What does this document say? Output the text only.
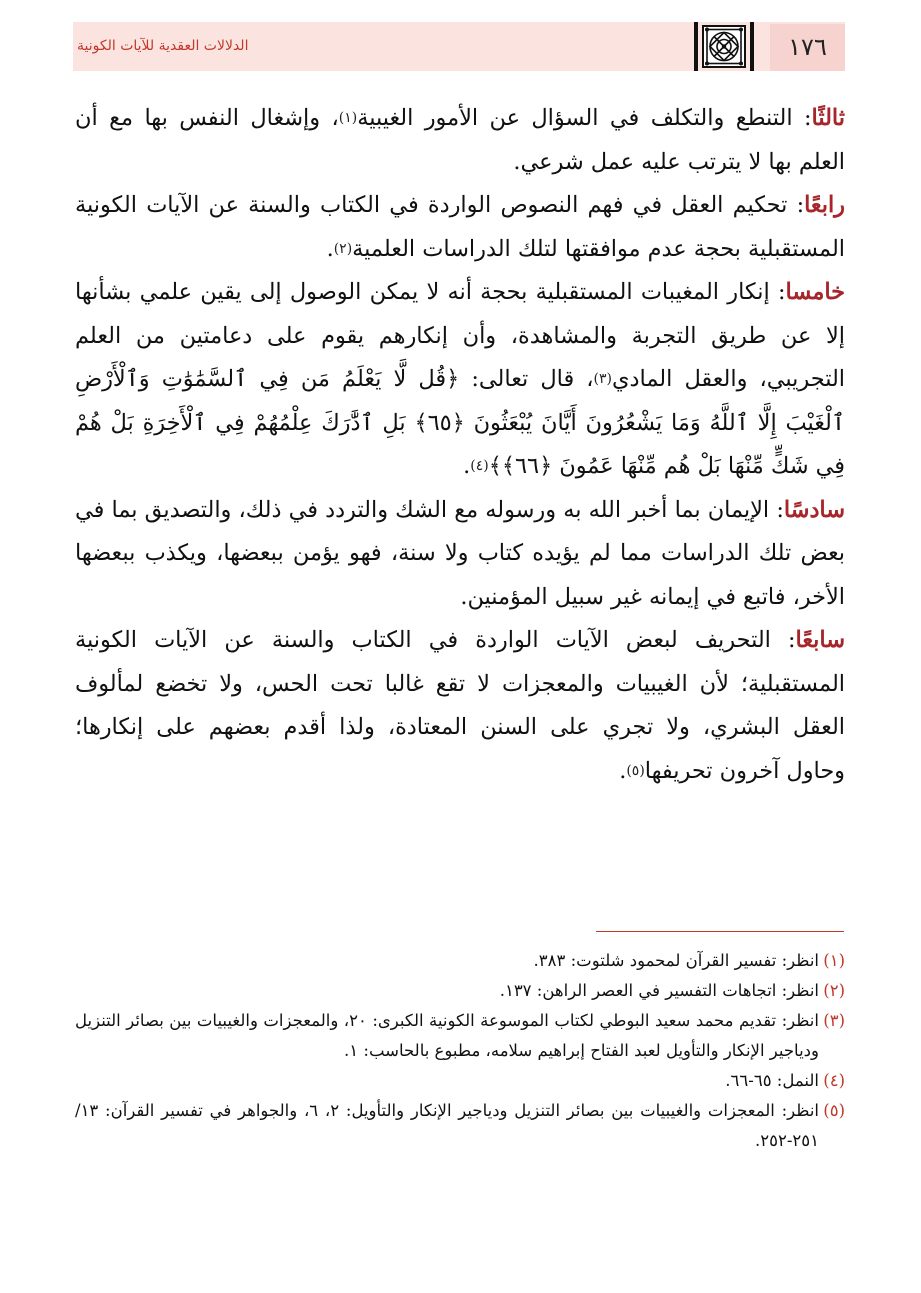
١٧٦
الدلالات العقدية للآيات الكونية

ثالثًا: التنطع والتكلف في السؤال عن الأمور الغيبية$^{(١)}$، وإشغال النفس بها مع أن العلم بها لا يترتب عليه عمل شرعي.

رابعًا: تحكيم العقل في فهم النصوص الواردة في الكتاب والسنة عن الآيات الكونية المستقبلية بحجة عدم موافقتها لتلك الدراسات العلمية$^{(٢)}$.

خامسا: إنكار المغيبات المستقبلية بحجة أنه لا يمكن الوصول إلى يقين علمي بشأنها إلا عن طريق التجربة والمشاهدة، وأن إنكارهم يقوم على دعامتين من العلم التجريبي، والعقل المادي$^{(٣)}$، قال تعالى: ﴿قُل لَّا يَعْلَمُ مَن فِي ٱلسَّمَٰوَٰتِ وَٱلْأَرْضِ ٱلْغَيْبَ إِلَّا ٱللَّهُ وَمَا يَشْعُرُونَ أَيَّانَ يُبْعَثُونَ ﴿٦٥﴾ بَلِ ٱدَّٰرَكَ عِلْمُهُمْ فِي ٱلْأَخِرَةِ بَلْ هُمْ فِي شَكٍّ مِّنْهَا بَلْ هُم مِّنْهَا عَمُونَ ﴿٦٦﴾﴾$^{(٤)}$.

سادسًا: الإيمان بما أخبر الله به ورسوله مع الشك والتردد في ذلك، والتصديق بما في بعض تلك الدراسات مما لم يؤيده كتاب ولا سنة، فهو يؤمن ببعضها، ويكذب ببعضها الأخر، فاتبع في إيمانه غير سبيل المؤمنين.

سابعًا: التحريف لبعض الآيات الواردة في الكتاب والسنة عن الآيات الكونية المستقبلية؛ لأن الغيبيات والمعجزات لا تقع غالبا تحت الحس، ولا تخضع لمألوف العقل البشري، ولا تجري على السنن المعتادة، ولذا أقدم بعضهم على إنكارها؛ وحاول آخرون تحريفها$^{(٥)}$.

(١)
انظر: تفسير القرآن لمحمود شلتوت: ٣٨٣.

(٢)
انظر: اتجاهات التفسير في العصر الراهن: ١٣٧.

(٣)
انظر: تقديم محمد سعيد البوطي لكتاب الموسوعة الكونية الكبرى: ٢٠، والمعجزات والغيبيات بين بصائر التنزيل ودياجير الإنكار والتأويل لعبد الفتاح إبراهيم سلامه، مطبوع بالحاسب: ١.

(٤)
النمل: ٦٥-٦٦.

(٥)
انظر: المعجزات والغيبيات بين بصائر التنزيل ودياجير الإنكار والتأويل: ٢، ٦، والجواهر في تفسير القرآن: ١٣/ ٢٥١-٢٥٢.
